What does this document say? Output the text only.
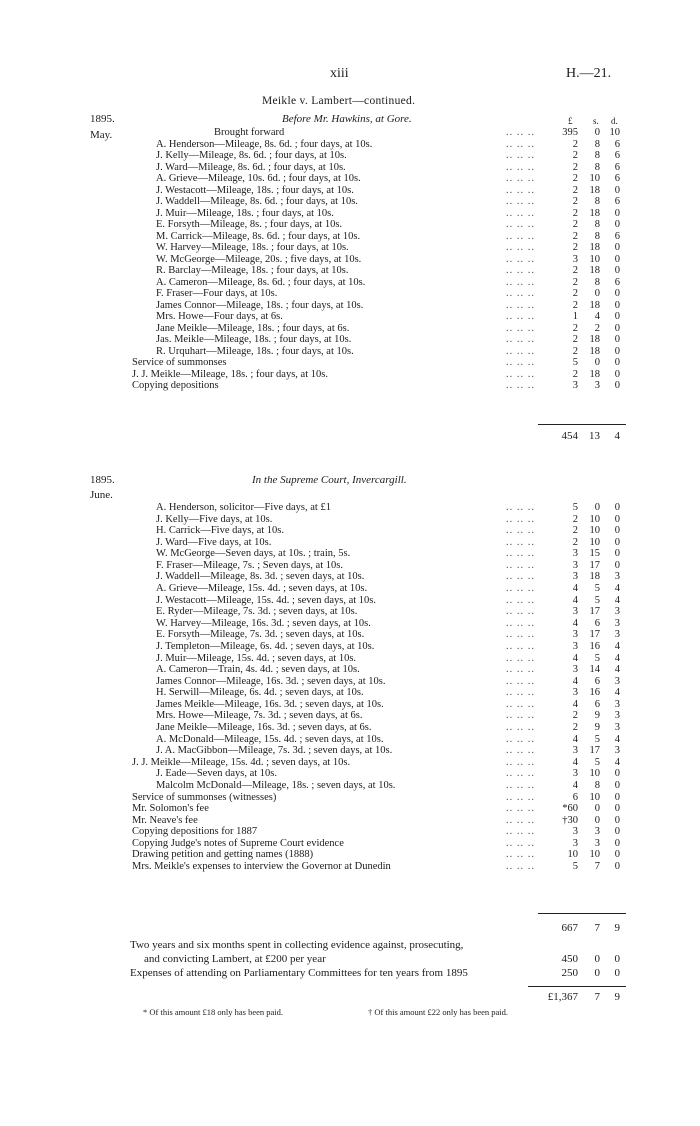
xiii	H.—21.
1895.
May.
Meikle v. Lambert—continued.
Before Mr. Hawkins, at Gore.	£ s. d.
Brought forward	.. .. ..	395	0 10
A. Henderson—Mileage, 8s. 6d. ; four days, at 10s.	.. .. ..	2	8	6
J. Kelly—Mileage, 8s. 6d. ; four days, at 10s.	.. .. ..	2	8	6
J. Ward—Mileage, 8s. 6d. ; four days, at 10s.	.. .. ..	2	8	6
A. Grieve—Mileage, 10s. 6d. ; four days, at 10s.	.. .. ..	2	10	6
J. Westacott—Mileage, 18s. ; four days, at 10s.	.. .. ..	2	18	0
J. Waddell—Mileage, 8s. 6d. ; four days, at 10s.	.. .. ..	2	8	6
J. Muir—Mileage, 18s. ; four days, at 10s.	.. .. ..	2	18	0
E. Forsyth—Mileage, 8s. ; four days, at 10s.	.. .. ..	2	8	0
M. Carrick—Mileage, 8s. 6d. ; four days, at 10s.	.. .. ..	2	8	6
W. Harvey—Mileage, 18s. ; four days, at 10s.	.. .. ..	2	18	0
W. McGeorge—Mileage, 20s. ; five days, at 10s.	.. .. ..	3	10	0
R. Barclay—Mileage, 18s. ; four days, at 10s.	.. .. ..	2	18	0
A. Cameron—Mileage, 8s. 6d. ; four days, at 10s.	.. .. ..	2	8	6
F. Fraser—Four days, at 10s.	.. .. ..	2	0	0
James Connor—Mileage, 18s. ; four days, at 10s.	.. .. ..	2	18	0
Mrs. Howe—Four days, at 6s.	.. .. ..	1	4	0
Jane Meikle—Mileage, 18s. ; four days, at 6s.	.. .. ..	2	2	0
Jas. Meikle—Mileage, 18s. ; four days, at 10s.	.. .. ..	2	18	0
R. Urquhart—Mileage, 18s. ; four days, at 10s.	.. .. ..	2	18	0
Service of summonses	.. .. ..	5	0	0
J. J. Meikle—Mileage, 18s. ; four days, at 10s.	.. .. ..	2	18	0
Copying depositions	.. .. ..	3	3	0
454	13	4
1895.
June.
In the Supreme Court, Invercargill.
A. Henderson, solicitor—Five days, at £1	.. .. ..	5	0	0
J. Kelly—Five days, at 10s.	.. .. ..	2	10	0
H. Carrick—Five days, at 10s.	.. .. ..	2	10	0
J. Ward—Five days, at 10s.	.. .. ..	2	10	0
W. McGeorge—Seven days, at 10s. ; train, 5s.	.. .. ..	3	15	0
F. Fraser—Mileage, 7s. ; Seven days, at 10s.	.. .. ..	3	17	0
J. Waddell—Mileage, 8s. 3d. ; seven days, at 10s.	.. .. ..	3	18	3
A. Grieve—Mileage, 15s. 4d. ; seven days, at 10s.	.. .. ..	4	5	4
J. Westacott—Mileage, 15s. 4d. ; seven days, at 10s.	.. .. ..	4	5	4
E. Ryder—Mileage, 7s. 3d. ; seven days, at 10s.	.. .. ..	3	17	3
W. Harvey—Mileage, 16s. 3d. ; seven days, at 10s.	.. .. ..	4	6	3
E. Forsyth—Mileage, 7s. 3d. ; seven days, at 10s.	.. .. ..	3	17	3
J. Templeton—Mileage, 6s. 4d. ; seven days, at 10s.	.. .. ..	3	16	4
J. Muir—Mileage, 15s. 4d. ; seven days, at 10s.	.. .. ..	4	5	4
A. Cameron—Train, 4s. 4d. ; seven days, at 10s.	.. .. ..	3	14	4
James Connor—Mileage, 16s. 3d. ; seven days, at 10s.	.. .. ..	4	6	3
H. Serwill—Mileage, 6s. 4d. ; seven days, at 10s.	.. .. ..	3	16	4
James Meikle—Mileage, 16s. 3d. ; seven days, at 10s.	.. .. ..	4	6	3
Mrs. Howe—Mileage, 7s. 3d. ; seven days, at 6s.	.. .. ..	2	9	3
Jane Meikle—Mileage, 16s. 3d. ; seven days, at 6s.	.. .. ..	2	9	3
A. McDonald—Mileage, 15s. 4d. ; seven days, at 10s.	.. .. ..	4	5	4
J. A. MacGibbon—Mileage, 7s. 3d. ; seven days, at 10s.	.. .. ..	3	17	3
J. J. Meikle—Mileage, 15s. 4d. ; seven days, at 10s.	.. .. ..	4	5	4
J. Eade—Seven days, at 10s.	.. .. ..	3	10	0
Malcolm McDonald—Mileage, 18s. ; seven days, at 10s.	.. .. ..	4	8	0
Service of summonses (witnesses)	.. .. ..	6	10	0
Mr. Solomon's fee	.. .. ..	*60	0	0
Mr. Neave's fee	.. .. ..	†30	0	0
Copying depositions for 1887	.. .. ..	3	3	0
Copying Judge's notes of Supreme Court evidence	.. .. ..	3	3	0
Drawing petition and getting names (1888)	.. .. ..	10	10	0
Mrs. Meikle's expenses to interview the Governor at Dunedin	.. .. ..	5	7	0
667	7	9
Two years and six months spent in collecting evidence against, prosecuting,
and convicting Lambert, at £200 per year	450	0	0
Expenses of attending on Parliamentary Committees for ten years from 1895	250	0	0
£1,367	7	9
* Of this amount £18 only has been paid.	† Of this amount £22 only has been paid.
